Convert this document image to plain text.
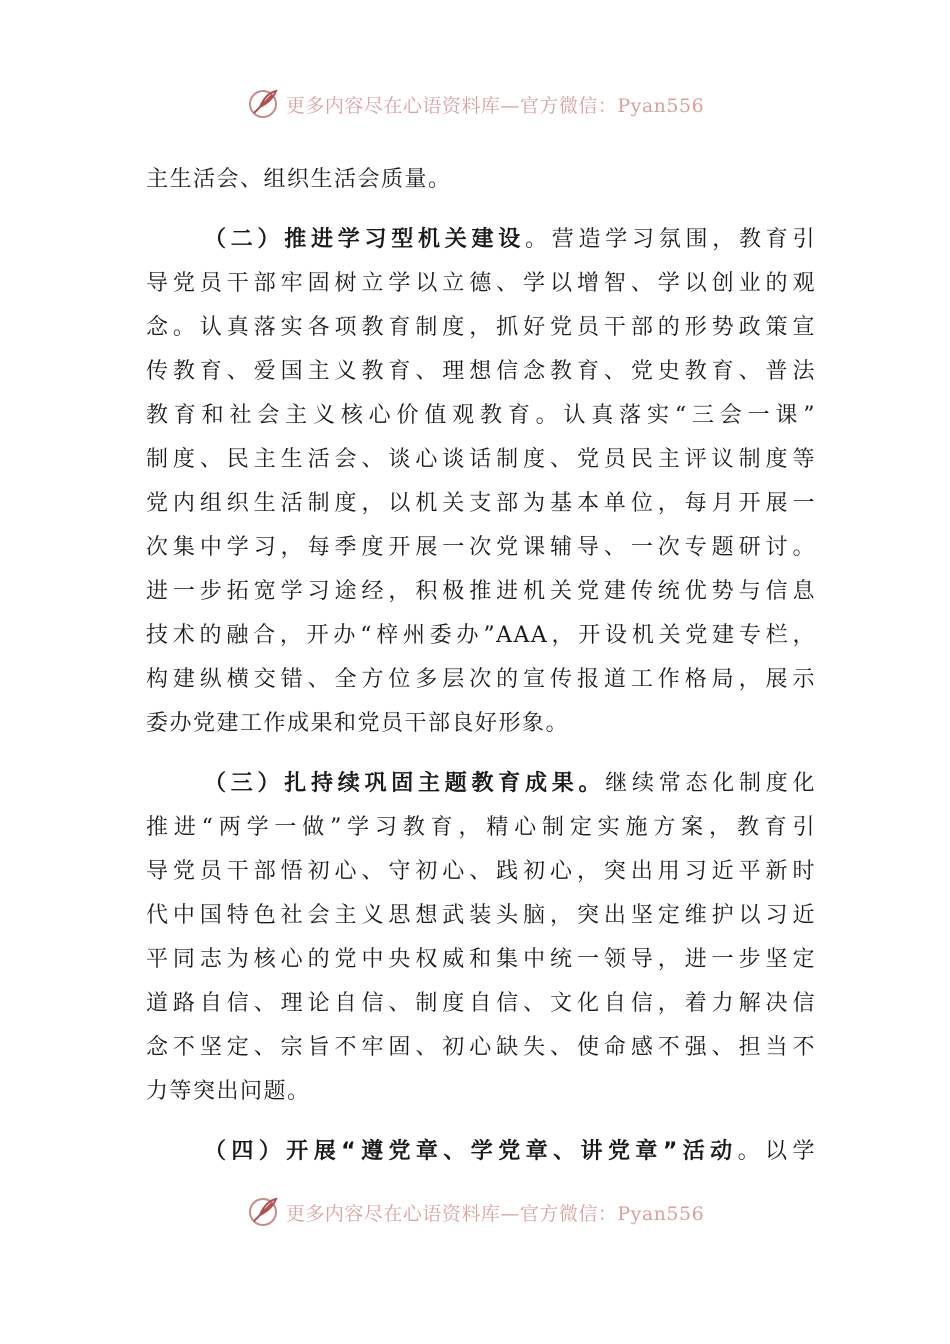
更多内容尽在心语资料库—官方微信：Pyan556
主生活会、组织生活会质量。
（二）推进学习型机关建设。营造学习氛围，教育引
导党员干部牢固树立学以立德、学以增智、学以创业的观
念。认真落实各项教育制度，抓好党员干部的形势政策宣
传教育、爱国主义教育、理想信念教育、党史教育、普法
教育和社会主义核心价值观教育。认真落实“三会一课”
制度、民主生活会、谈心谈话制度、党员民主评议制度等
党内组织生活制度，以机关支部为基本单位，每月开展一
次集中学习，每季度开展一次党课辅导、一次专题研讨。
进一步拓宽学习途经，积极推进机关党建传统优势与信息
技术的融合，开办“梓州委办”AAA，开设机关党建专栏，
构建纵横交错、全方位多层次的宣传报道工作格局，展示
委办党建工作成果和党员干部良好形象。
（三）扎持续巩固主题教育成果。继续常态化制度化
推进“两学一做”学习教育，精心制定实施方案，教育引
导党员干部悟初心、守初心、践初心，突出用习近平新时
代中国特色社会主义思想武装头脑，突出坚定维护以习近
平同志为核心的党中央权威和集中统一领导，进一步坚定
道路自信、理论自信、制度自信、文化自信，着力解决信
念不坚定、宗旨不牢固、初心缺失、使命感不强、担当不
力等突出问题。
（四）开展“遵党章、学党章、讲党章”活动。以学
更多内容尽在心语资料库—官方微信：Pyan556
